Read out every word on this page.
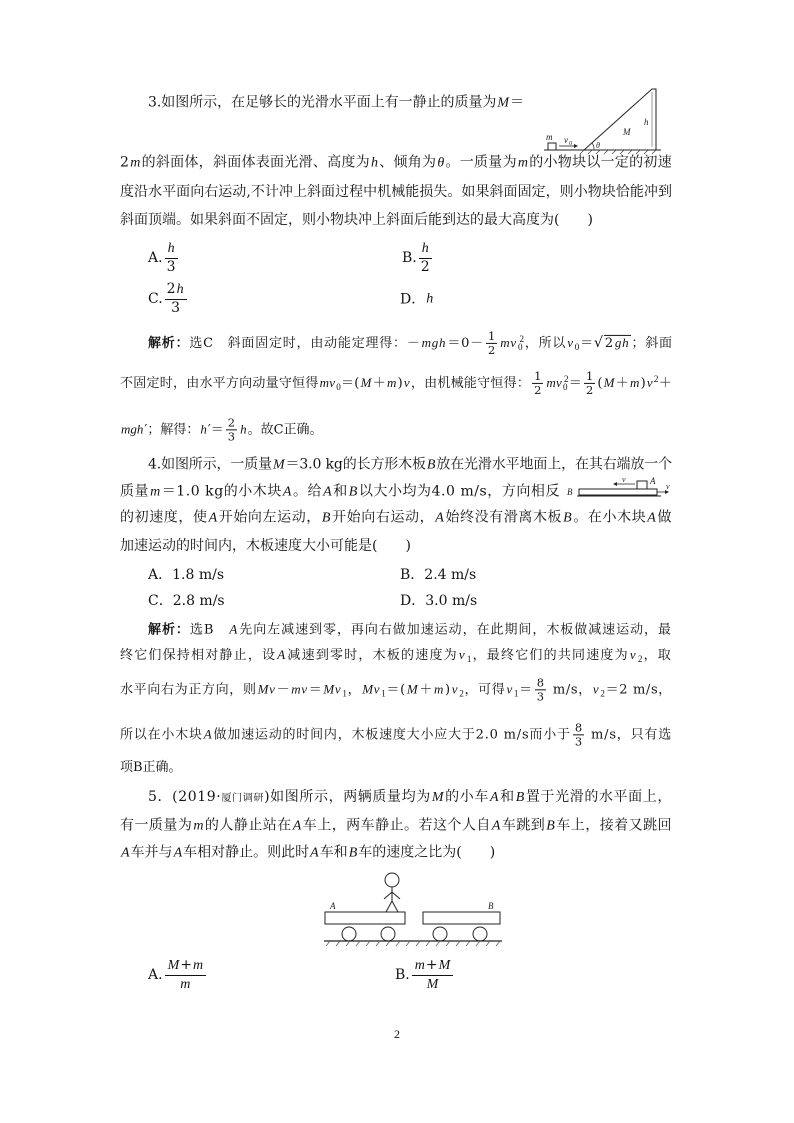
3.如图所示，在足够长的光滑水平面上有一静止的质量为M＝
m v 0	θ
M
h
2m的斜面体，斜面体表面光滑、高度为h、倾角为θ。一质量为m的小物块以一定的初速
度沿水平面向右运动,不计冲上斜面过程中机械能损失。如果斜面固定，则小物块恰能冲到
斜面顶端。如果斜面不固定，则小物块冲上斜面后能到达的最大高度为(　　)
A. $\frac{h}{3}$	B. $\frac{h}{2}$
C. $\frac{2h}{3}$	D．h
解析：选C　斜面固定时，由动能定理得：$-mgh=0- \frac{1}{2} mv_0^2$，所以$v_0=√$ 2gh ；斜面
不固定时，由水平方向动量守恒得$mv_0=(M+m)v$，由机械能守恒得： $\frac{1}{2} mv_0^2= \frac{1}{2} (M+m)v^2+$
mgh′；解得：$h'= \frac{2}{3}$ h。故C正确。
4.如图所示，一质量M＝3.0 kg的长方形木板B放在光滑水平地面上，在其右端放一个
质量m＝1.0 kg的小木块A。给A和B以大小均为4.0 m/s，方向相反 B
A
v
v
的初速度，使A开始向左运动，B开始向右运动，A始终没有滑离木板B。在小木块A做
加速运动的时间内，木板速度大小可能是(　　)
A．1.8 m/s	B．2.4 m/s
C．2.8 m/s	D．3.0 m/s
解析：选B　A先向左减速到零，再向右做加速运动，在此期间，木板做减速运动，最
终它们保持相对静止，设A减速到零时，木板的速度为$v_1$，最终它们的共同速度为$v_2$，取
水平向右为正方向，则$Mv-mv=Mv_1$，$Mv_1=(M+m)v_2$，可得$v_1= \frac{8}{3} m/s$，$v_2=2$ m/s，
所以在小木块A做加速运动的时间内，木板速度大小应大于2.0 m/s而小于 $\frac{8}{3} m/s$，只有选
项B正确。
5．(2019·厦门调研)如图所示，两辆质量均为M的小车A和B置于光滑的水平面上，
有一质量为m的人静止站在A车上，两车静止。若这个人自A车跳到B车上，接着又跳回
A车并与A车相对静止。则此时A车和B车的速度之比为(　　)
A	B
A. $\frac{M+m}{m}$	B. $\frac{m+M}{M}$
2
